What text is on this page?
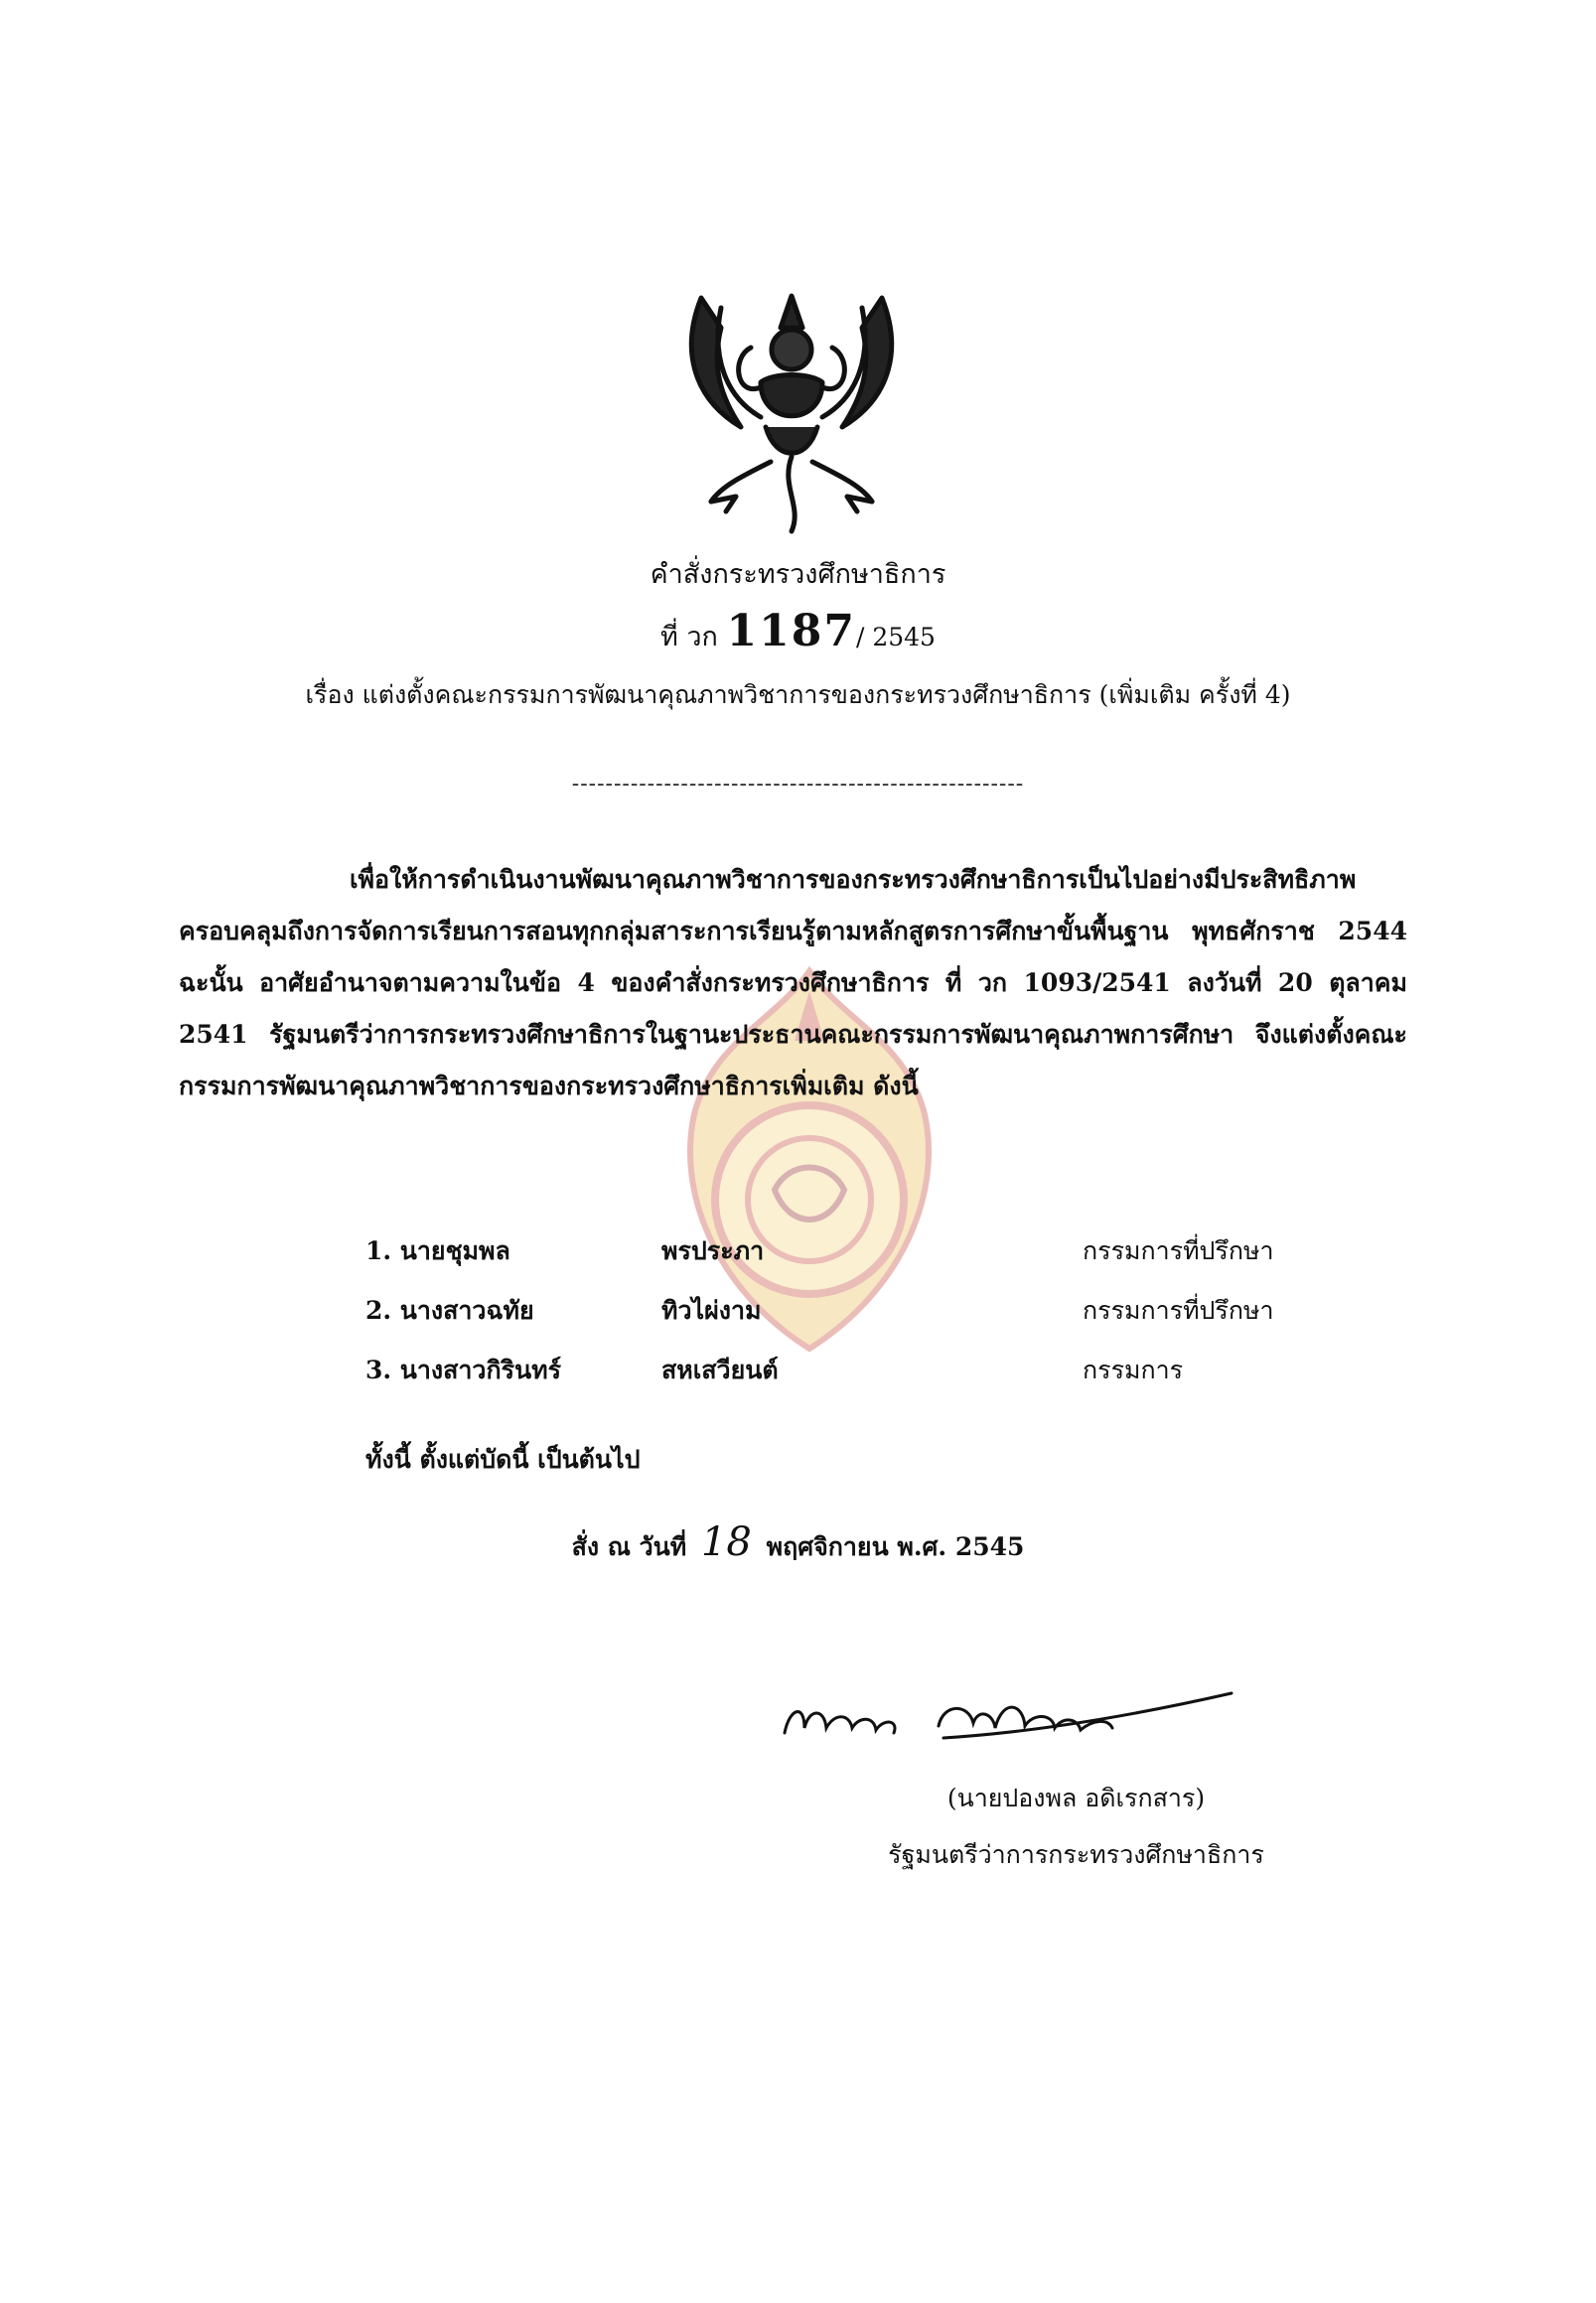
คำสั่งกระทรวงศึกษาธิการ
ที่ วก 1187/ 2545
เรื่อง แต่งตั้งคณะกรรมการพัฒนาคุณภาพวิชาการของกระทรวงศึกษาธิการ (เพิ่มเติม ครั้งที่ 4)
------------------------------------------------------

เพื่อให้การดำเนินงานพัฒนาคุณภาพวิชาการของกระทรวงศึกษาธิการเป็นไปอย่างมีประสิทธิภาพครอบคลุมถึงการจัดการเรียนการสอนทุกกลุ่มสาระการเรียนรู้ตามหลักสูตรการศึกษาขั้นพื้นฐาน พุทธศักราช 2544 ฉะนั้น อาศัยอำนาจตามความในข้อ 4 ของคำสั่งกระทรวงศึกษาธิการ ที่ วก 1093/2541 ลงวันที่ 20 ตุลาคม 2541 รัฐมนตรีว่าการกระทรวงศึกษาธิการในฐานะประธานคณะกรรมการพัฒนาคุณภาพการศึกษา จึงแต่งตั้งคณะกรรมการพัฒนาคุณภาพวิชาการของกระทรวงศึกษาธิการเพิ่มเติม ดังนี้

1. นายชุมพล	พรประภา	กรรมการที่ปรึกษา
2. นางสาวฉทัย	ทิวไผ่งาม	กรรมการที่ปรึกษา
3. นางสาวกิรินทร์	สหเสวียนต์	กรรมการ
ทั้งนี้ ตั้งแต่บัดนี้ เป็นต้นไป
สั่ง ณ วันที่ 18 พฤศจิกายน พ.ศ. 2545
(นายปองพล อดิเรกสาร)
รัฐมนตรีว่าการกระทรวงศึกษาธิการ
